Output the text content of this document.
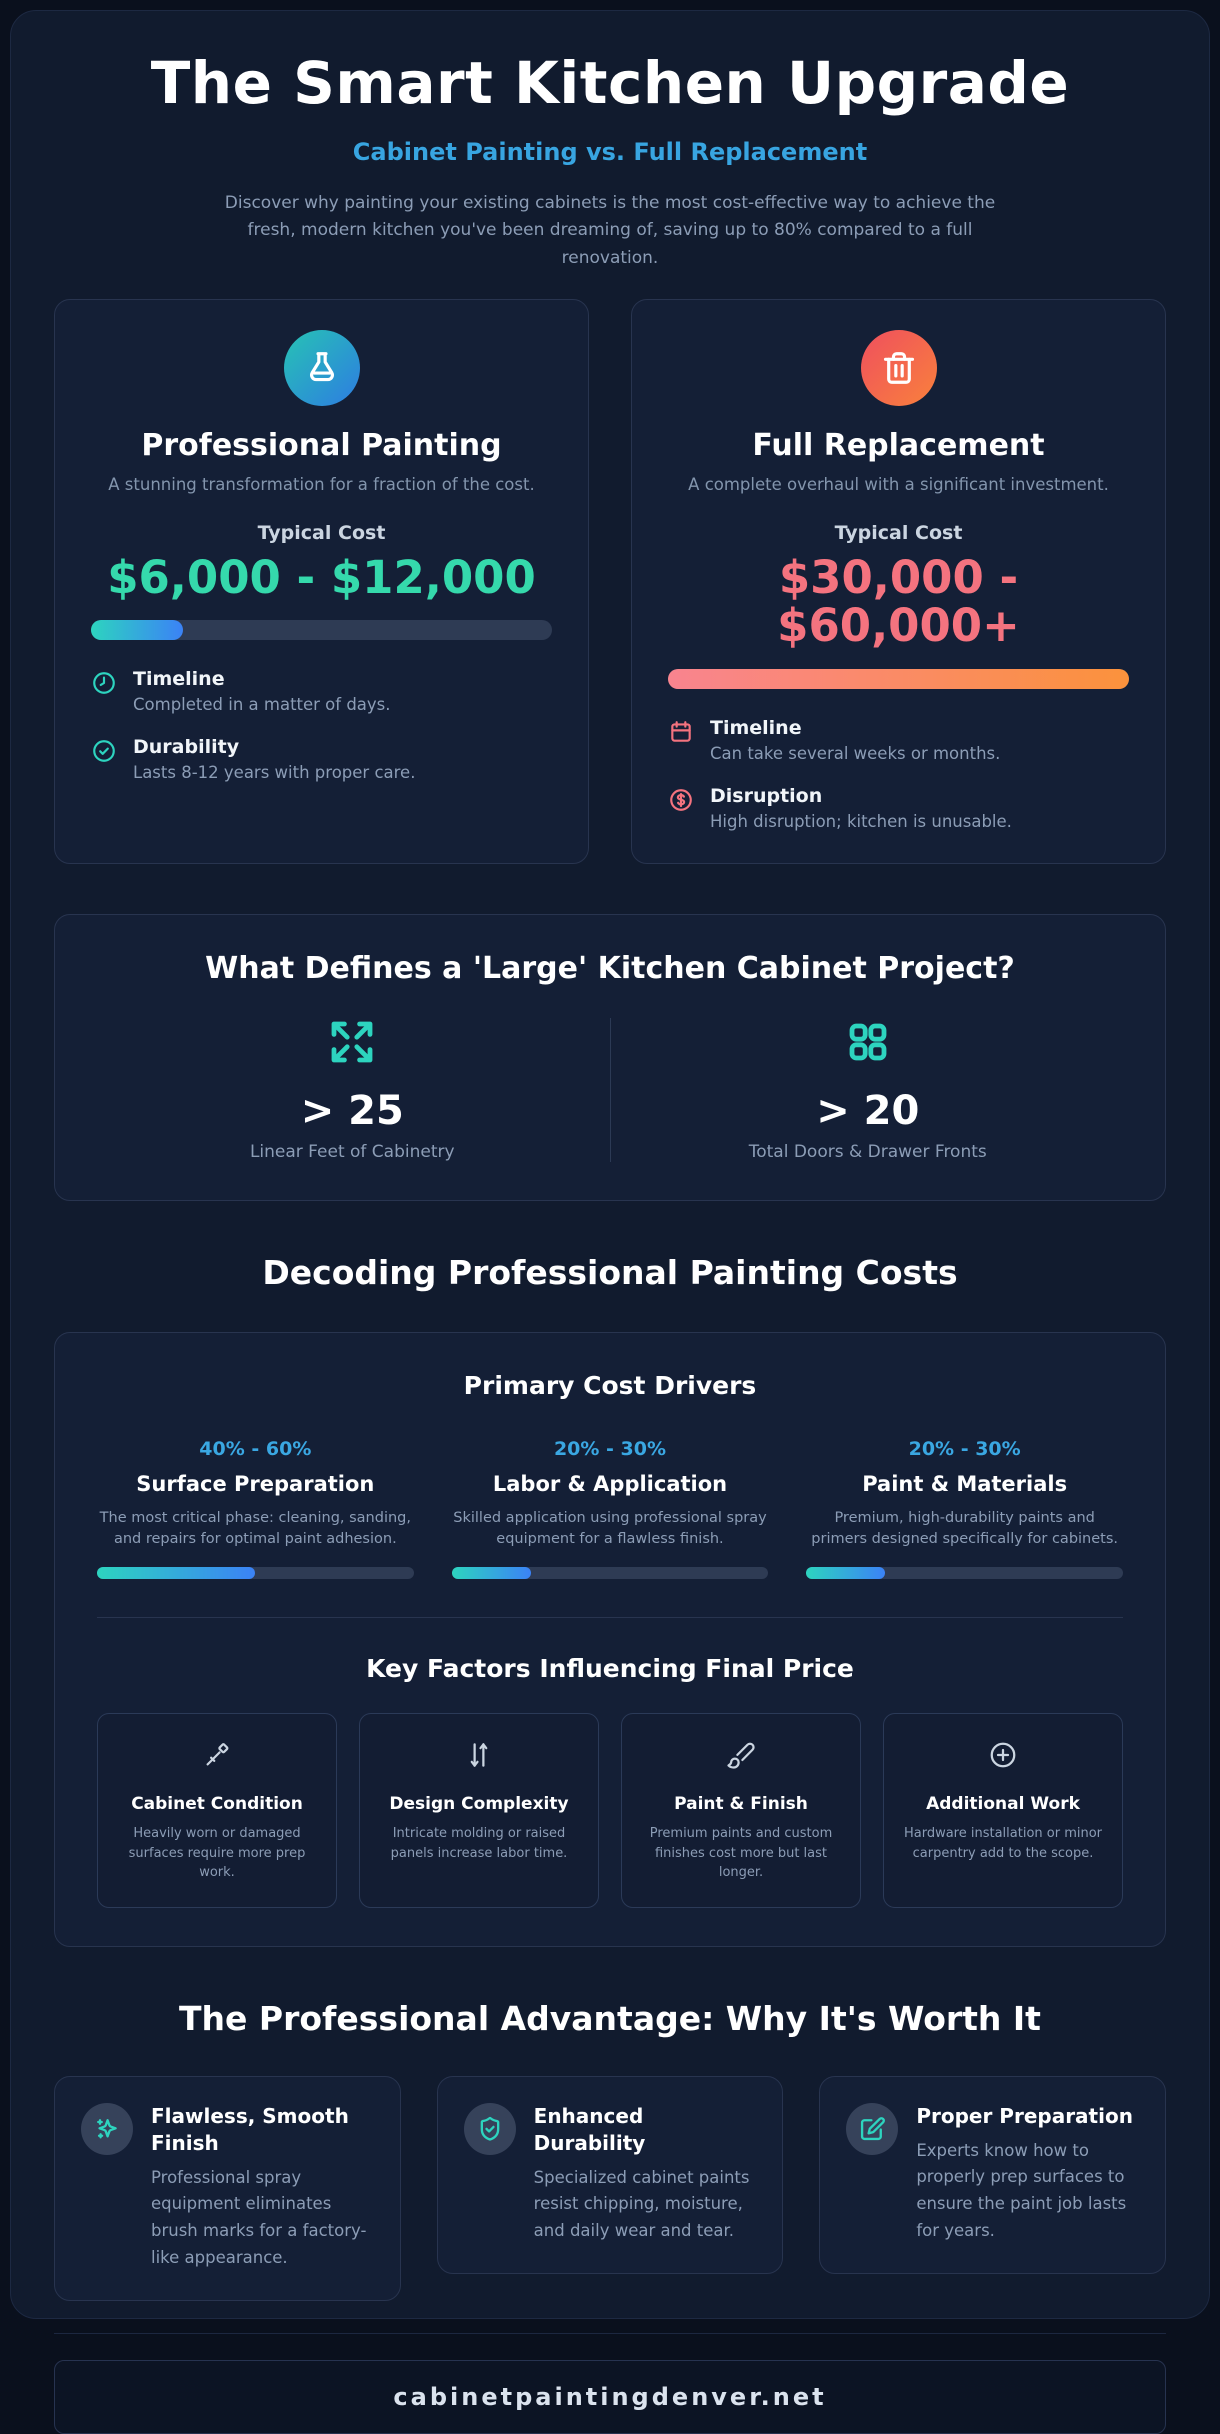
The Smart Kitchen Upgrade
Cabinet Painting vs. Full Replacement

Discover why painting your existing cabinets is the most cost-effective way to achieve the fresh, modern kitchen you've been dreaming of, saving up to 80% compared to a full renovation.

Professional Painting

A stunning transformation for a fraction of the cost.

Typical Cost
$6,000 - $12,000
Timeline
Completed in a matter of days.
Durability
Lasts 8-12 years with proper care.
Full Replacement

A complete overhaul with a significant investment.

Typical Cost
$30,000 - $60,000+
Timeline
Can take several weeks or months.
Disruption
High disruption; kitchen is unusable.
What Defines a 'Large' Kitchen Cabinet Project?
> 25
Linear Feet of Cabinetry
> 20
Total Doors & Drawer Fronts
Decoding Professional Painting Costs
Primary Cost Drivers
40% - 60%
Surface Preparation

The most critical phase: cleaning, sanding, and repairs for optimal paint adhesion.

20% - 30%
Labor & Application

Skilled application using professional spray equipment for a flawless finish.

20% - 30%
Paint & Materials

Premium, high-durability paints and primers designed specifically for cabinets.

Key Factors Influencing Final Price
Cabinet Condition

Heavily worn or damaged surfaces require more prep work.

Design Complexity

Intricate molding or raised panels increase labor time.

Paint & Finish

Premium paints and custom finishes cost more but last longer.

Additional Work

Hardware installation or minor carpentry add to the scope.

The Professional Advantage: Why It's Worth It
Flawless, Smooth Finish
Professional spray equipment eliminates brush marks for a factory-like appearance.
Enhanced Durability
Specialized cabinet paints resist chipping, moisture, and daily wear and tear.
Proper Preparation
Experts know how to properly prep surfaces to ensure the paint job lasts for years.
cabinetpaintingdenver.net
